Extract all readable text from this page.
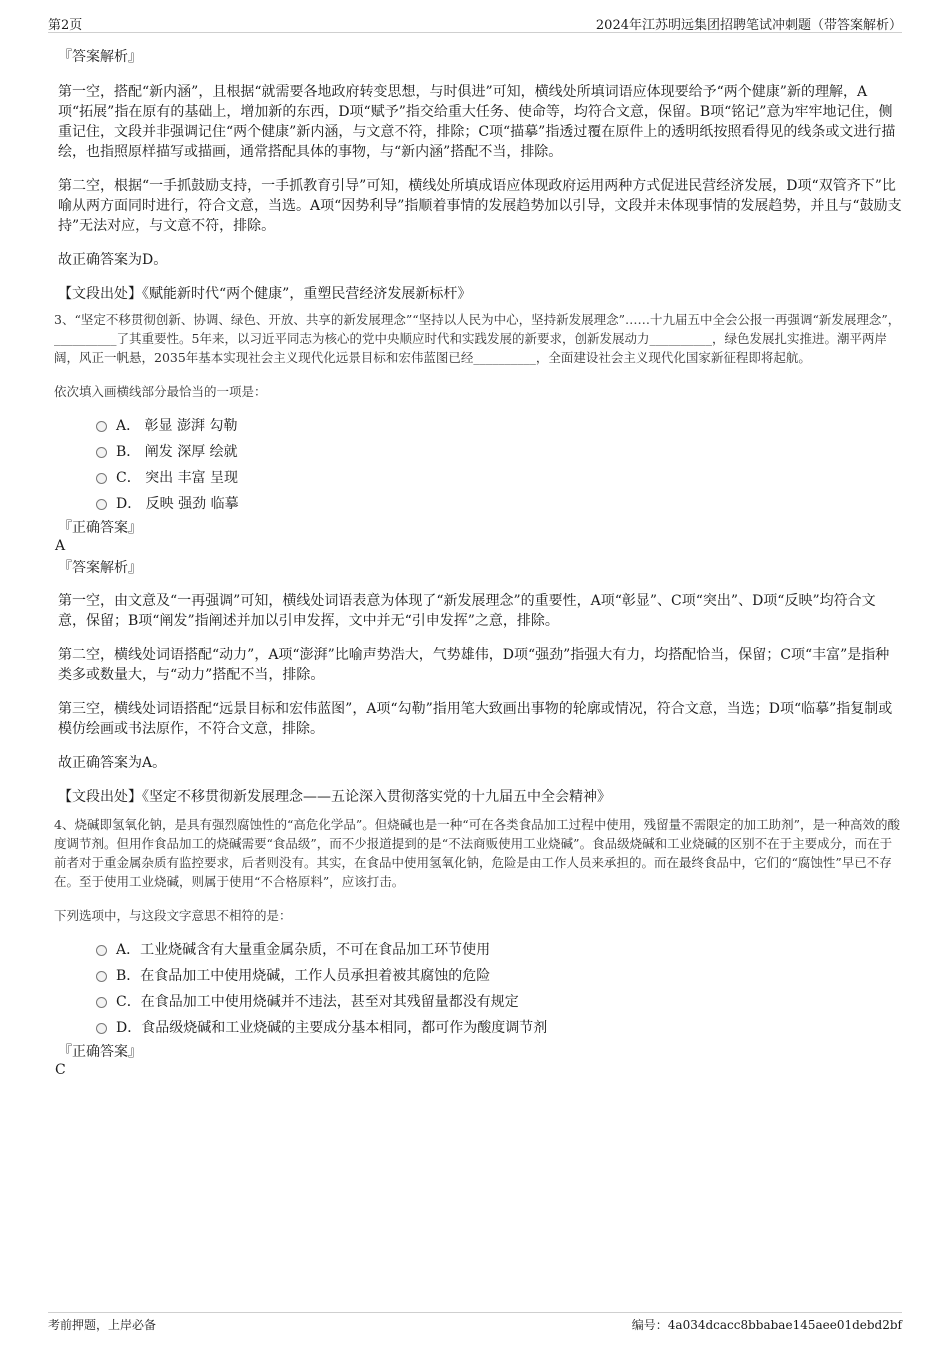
第2页	2024年江苏明远集团招聘笔试冲刺题（带答案解析）

『答案解析』

第一空，搭配“新内涵”，且根据“就需要各地政府转变思想，与时俱进”可知，横线处所填词语应体现要给予“两个健康”新的理解，A项“拓展”指在原有的基础上，增加新的东西，D项“赋予”指交给重大任务、使命等，均符合文意，保留。B项“铭记”意为牢牢地记住，侧重记住，文段并非强调记住“两个健康”新内涵，与文意不符，排除；C项“描摹”指透过覆在原件上的透明纸按照看得见的线条或文进行描绘，也指照原样描写或描画，通常搭配具体的事物，与“新内涵”搭配不当，排除。

第二空，根据“一手抓鼓励支持，一手抓教育引导”可知，横线处所填成语应体现政府运用两种方式促进民营经济发展，D项“双管齐下”比喻从两方面同时进行，符合文意，当选。A项“因势利导”指顺着事情的发展趋势加以引导，文段并未体现事情的发展趋势，并且与“鼓励支持”无法对应，与文意不符，排除。

故正确答案为D。

【文段出处】《赋能新时代“两个健康”，重塑民营经济发展新标杆》

3、“坚定不移贯彻创新、协调、绿色、开放、共享的新发展理念”“坚持以人民为中心，坚持新发展理念”……十九届五中全会公报一再强调“新发展理念”，__________了其重要性。5年来，以习近平同志为核心的党中央顺应时代和实践发展的新要求，创新发展动力__________，绿色发展扎实推进。潮平两岸阔，风正一帆悬，2035年基本实现社会主义现代化远景目标和宏伟蓝图已经__________，全面建设社会主义现代化国家新征程即将起航。

依次填入画横线部分最恰当的一项是：

A． 彰显 澎湃 勾勒
B． 阐发 深厚 绘就
C． 突出 丰富 呈现
D． 反映 强劲 临摹

『正确答案』

A

『答案解析』

第一空，由文意及“一再强调”可知，横线处词语表意为体现了“新发展理念”的重要性，A项“彰显”、C项“突出”、D项“反映”均符合文意，保留；B项“阐发”指阐述并加以引申发挥，文中并无“引申发挥”之意，排除。

第二空，横线处词语搭配“动力”，A项“澎湃”比喻声势浩大，气势雄伟，D项“强劲”指强大有力，均搭配恰当，保留；C项“丰富”是指种类多或数量大，与“动力”搭配不当，排除。

第三空，横线处词语搭配“远景目标和宏伟蓝图”，A项“勾勒”指用笔大致画出事物的轮廓或情况，符合文意，当选；D项“临摹”指复制或模仿绘画或书法原作，不符合文意，排除。

故正确答案为A。

【文段出处】《坚定不移贯彻新发展理念——五论深入贯彻落实党的十九届五中全会精神》

4、烧碱即氢氧化钠，是具有强烈腐蚀性的“高危化学品”。但烧碱也是一种“可在各类食品加工过程中使用，残留量不需限定的加工助剂”，是一种高效的酸度调节剂。但用作食品加工的烧碱需要“食品级”，而不少报道提到的是“不法商贩使用工业烧碱”。食品级烧碱和工业烧碱的区别不在于主要成分，而在于前者对于重金属杂质有监控要求，后者则没有。其实，在食品中使用氢氧化钠，危险是由工作人员来承担的。而在最终食品中，它们的“腐蚀性”早已不存在。至于使用工业烧碱，则属于使用“不合格原料”，应该打击。

下列选项中，与这段文字意思不相符的是：

A．工业烧碱含有大量重金属杂质，不可在食品加工环节使用
B．在食品加工中使用烧碱，工作人员承担着被其腐蚀的危险
C．在食品加工中使用烧碱并不违法，甚至对其残留量都没有规定
D．食品级烧碱和工业烧碱的主要成分基本相同，都可作为酸度调节剂

『正确答案』

C

考前押题，上岸必备	编号：4a034dcacc8bbabae145aee01debd2bf
